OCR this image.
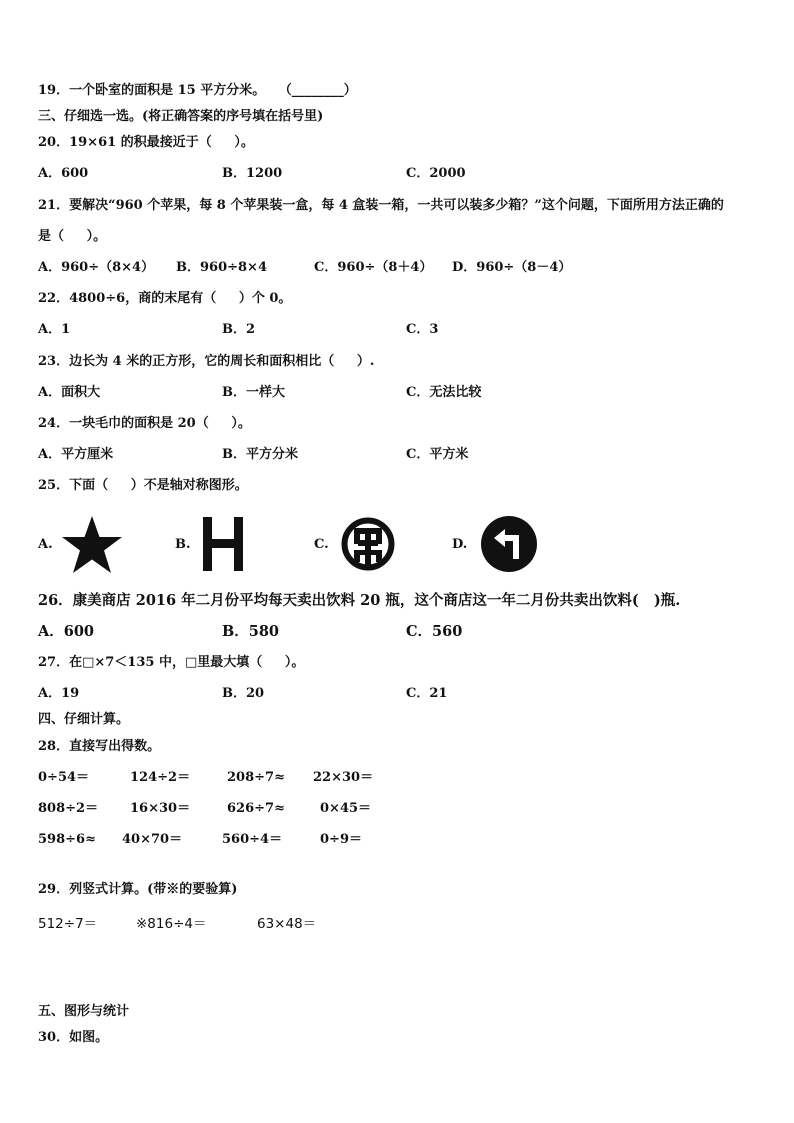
19．一个卧室的面积是 15 平方分米。   （________）
三、仔细选一选。(将正确答案的序号填在括号里)
20．19×61 的积最接近于（     ）。
A．600	B．1200	C．2000
21．要解决“960 个苹果，每 8 个苹果装一盒，每 4 盒装一箱，一共可以装多少箱？”这个问题，下面所用方法正确的
是（     ）。
A．960÷（8×4） B．960÷8×4	C．960÷（8＋4） D．960÷（8－4）
22．4800÷6，商的末尾有（     ）个 0。
A．1	B．2	C．3
23．边长为 4 米的正方形，它的周长和面积相比（     ）.
A．面积大	B．一样大	C．无法比较
24．一块毛巾的面积是 20（     ）。
A．平方厘米	B．平方分米	C．平方米
25．下面（     ）不是轴对称图形。
A.	B.	C.	D.
26．康美商店 2016 年二月份平均每天卖出饮料 20 瓶，这个商店这一年二月份共卖出饮料(   )瓶.
A．600	B．580	C．560
27．在□×7＜135 中，□里最大填（     ）。
A．19	B．20	C．21
四、仔细计算。
28．直接写出得数。
0÷54＝	124÷2＝	208÷7≈ 22×30＝
808÷2＝ 16×30＝	626÷7≈	0×45＝
598÷6≈ 40×70＝	560÷4＝	0÷9＝
29．列竖式计算。(带※的要验算)
512÷7＝	※816÷4＝	63×48＝
五、图形与统计
30．如图。
